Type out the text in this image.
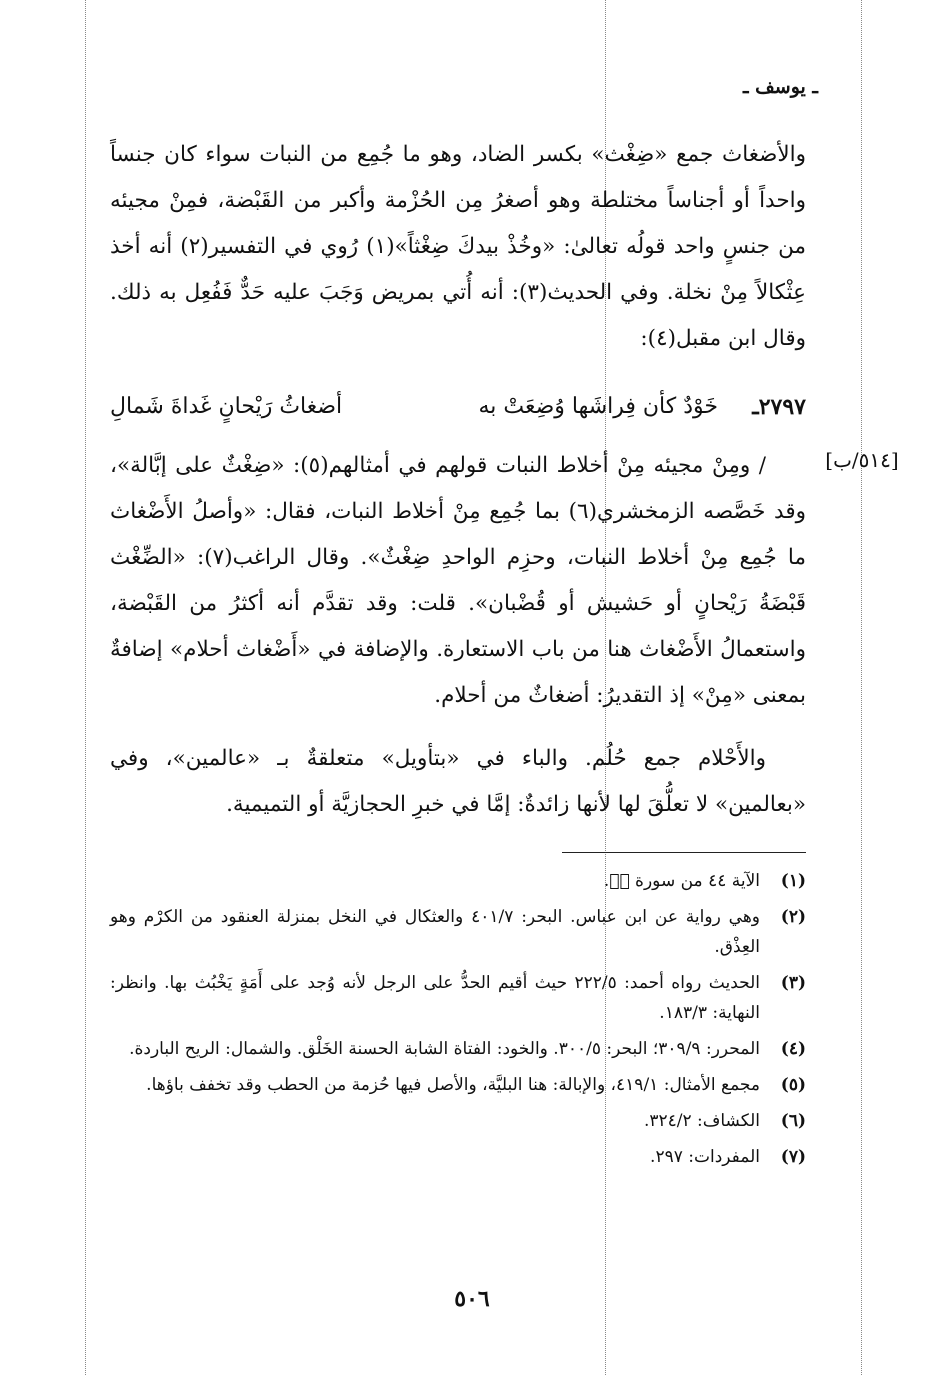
ـ يوسف ـ
والأضغاث جمع «ضِغْث» بكسر الضاد، وهو ما جُمِع من النبات سواء كان جنساً واحداً أو أجناساً مختلطة وهو أصغرُ مِن الحُزْمة وأكبر من القَبْضة، فمِنْ مجيئه من جنسٍ واحد قولُه تعالىٰ: «وخُذْ بيدكَ ضِغْثاً»(١) رُوي في التفسير(٢) أنه أخذ عِثْكالاً مِنْ نخلة. وفي الحديث(٣): أنه أُتي بمريض وَجَبَ عليه حَدٌّ فَفُعِل به ذلك. وقال ابن مقبل(٤):
٢٧٩٧ـ
خَوْدٌ كأن فِراشَها وُضِعَتْ به
أضغاثُ رَيْحانٍ غَداةَ شَمالِ
[٥١٤/ب]
/ ومِنْ مجيئه مِنْ أخلاط النبات قولهم في أمثالهم(٥): «ضِغْثٌ على إبَّالة»، وقد خَصَّصه الزمخشري(٦) بما جُمِع مِنْ أخلاط النبات، فقال: «وأصلُ الأَضْغاث ما جُمِع مِنْ أخلاط النبات، وحزِم الواحدِ ضِغْثٌ». وقال الراغب(٧): «الضِّغْث قَبْضَةُ رَيْحانٍ أو حَشيش أو قُضْبان». قلت: وقد تقدَّم أنه أكثرُ من القَبْضة، واستعمالُ الأَضْغاث هنا من باب الاستعارة. والإضافة في «أَضْغاث أحلام» إضافةٌ بمعنى «مِنْ» إذ التقديرُ: أضغاثٌ من أحلام.
والأَحْلام جمع حُلُم. والباء في «بتأويل» متعلقةٌ بـ «عالمين»، وفي «بعالمين» لا تعلُّقَ لها لأنها زائدةٌ: إمَّا في خبرِ الحجازيَّة أو التميمية.
(١)
الآية ٤٤ من سورة صۤ.
(٢)
وهي رواية عن ابن عباس. البحر: ٤٠١/٧ والعثكال في النخل بمنزلة العنقود من الكرْم وهو العِذْق.
(٣)
الحديث رواه أحمد: ٢٢٢/٥ حيث أقيم الحدُّ على الرجل لأنه وُجد على أَمَةٍ يَخْبُث بها. وانظر: النهاية: ١٨٣/٣.
(٤)
المحرر: ٣٠٩/٩؛ البحر: ٣٠٠/٥. والخود: الفتاة الشابة الحسنة الخَلْق. والشمال: الريح الباردة.
(٥)
مجمع الأمثال: ٤١٩/١، والإبالة: هنا البليَّة، والأصل فيها حُزمة من الحطب وقد تخفف باؤها.
(٦)
الكشاف: ٣٢٤/٢.
(٧)
المفردات: ٢٩٧.
٥٠٦
